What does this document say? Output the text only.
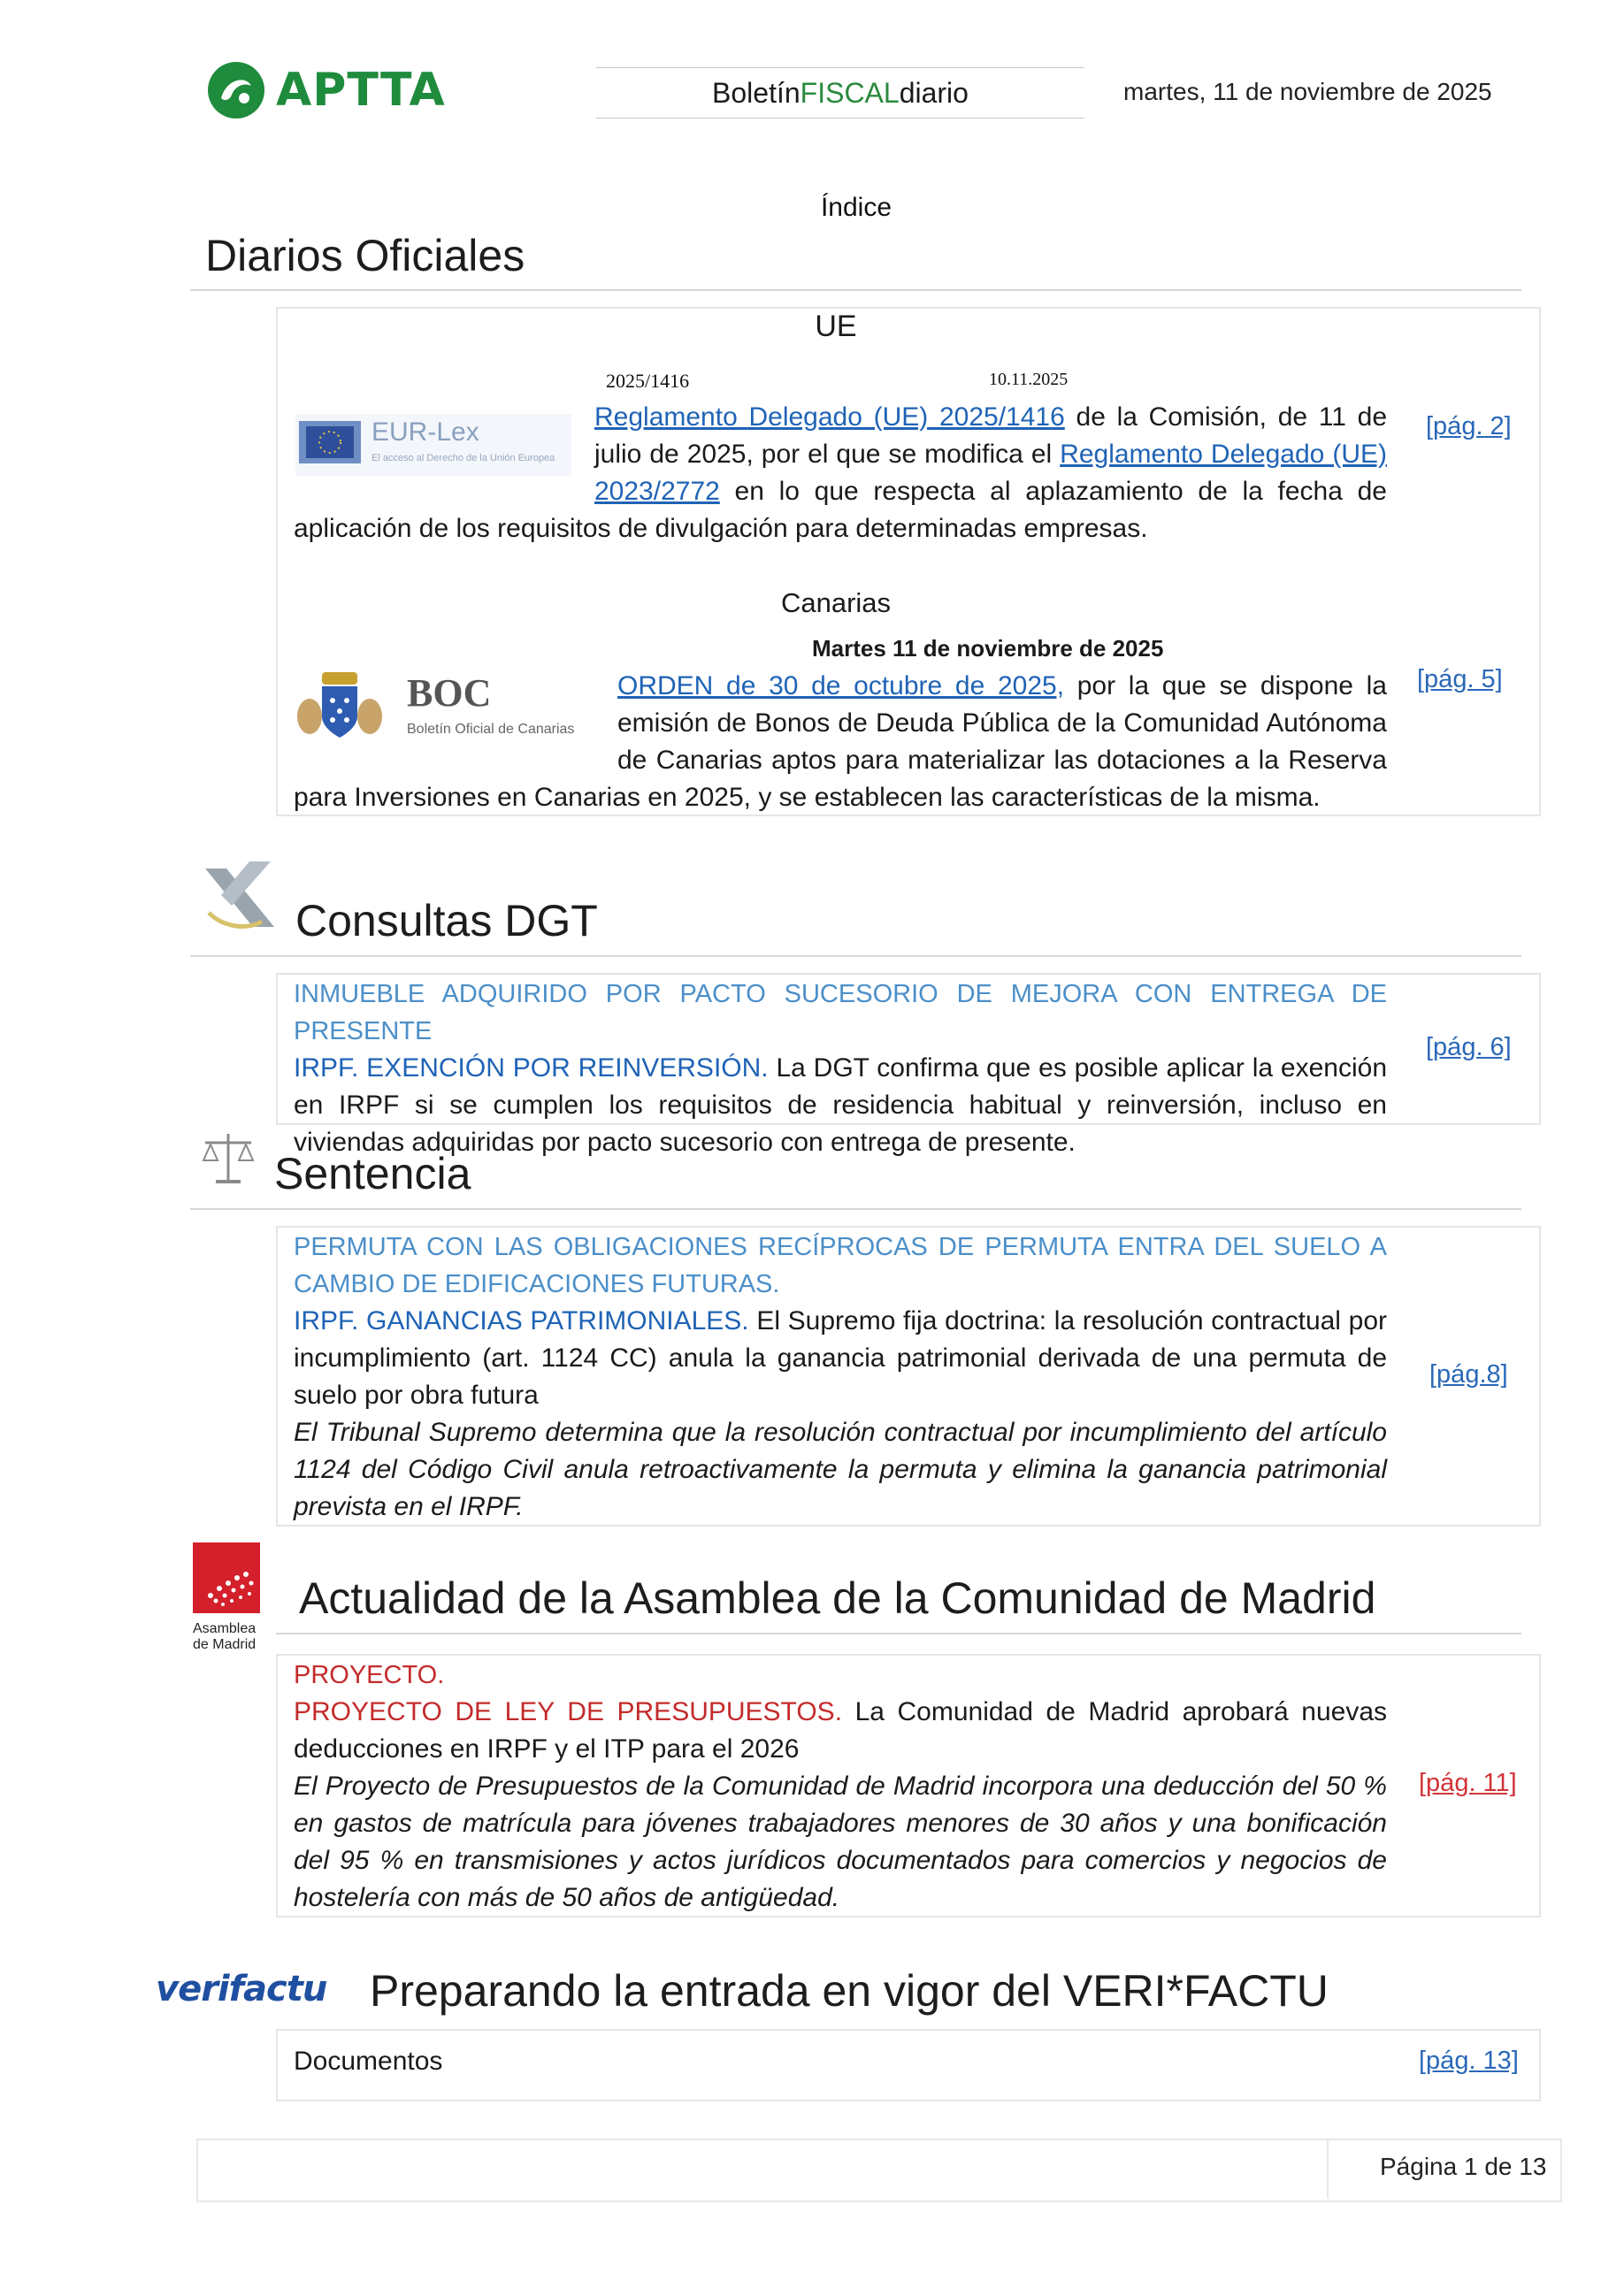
APTTA	Boletín FISCAL diario	martes, 11 de noviembre de 2025
Índice
Diarios Oficiales
UE
2025/1416	10.11.2025
EUR-Lex
El acceso al Derecho de la Unión Europea
Reglamento Delegado (UE) 2025/1416 de la Comisión, de 11 de julio de 2025, por el que se modifica el Reglamento Delegado (UE) 2023/2772 en lo que respecta al aplazamiento de la fecha de aplicación de los requisitos de divulgación para determinadas empresas.
[pág. 2]
Canarias
Martes 11 de noviembre de 2025
BOC
Boletín Oficial de Canarias
ORDEN de 30 de octubre de 2025, por la que se dispone la emisión de Bonos de Deuda Pública de la Comunidad Autónoma de Canarias aptos para materializar las dotaciones a la Reserva para Inversiones en Canarias en 2025, y se establecen las características de la misma.
[pág. 5]
Consultas DGT
INMUEBLE ADQUIRIDO POR PACTO SUCESORIO DE MEJORA CON ENTREGA DE PRESENTE
IRPF. EXENCIÓN POR REINVERSIÓN. La DGT confirma que es posible aplicar la exención en IRPF si se cumplen los requisitos de residencia habitual y reinversión, incluso en viviendas adquiridas por pacto sucesorio con entrega de presente.
[pág. 6]
Sentencia
PERMUTA CON LAS OBLIGACIONES RECÍPROCAS DE PERMUTA ENTRA DEL SUELO A CAMBIO DE EDIFICACIONES FUTURAS.
IRPF. GANANCIAS PATRIMONIALES. El Supremo fija doctrina: la resolución contractual por incumplimiento (art. 1124 CC) anula la ganancia patrimonial derivada de una permuta de suelo por obra futura
El Tribunal Supremo determina que la resolución contractual por incumplimiento del artículo 1124 del Código Civil anula retroactivamente la permuta y elimina la ganancia patrimonial prevista en el IRPF.
[pág.8]
Asamblea
de Madrid
Actualidad de la Asamblea de la Comunidad de Madrid
PROYECTO.
PROYECTO DE LEY DE PRESUPUESTOS. La Comunidad de Madrid aprobará nuevas deducciones en IRPF y el ITP para el 2026
El Proyecto de Presupuestos de la Comunidad de Madrid incorpora una deducción del 50 % en gastos de matrícula para jóvenes trabajadores menores de 30 años y una bonificación del 95 % en transmisiones y actos jurídicos documentados para comercios y negocios de hostelería con más de 50 años de antigüedad.
[pág. 11]
verifactu Preparando la entrada en vigor del VERI*FACTU
Documentos	[pág. 13]
Página 1 de 13
